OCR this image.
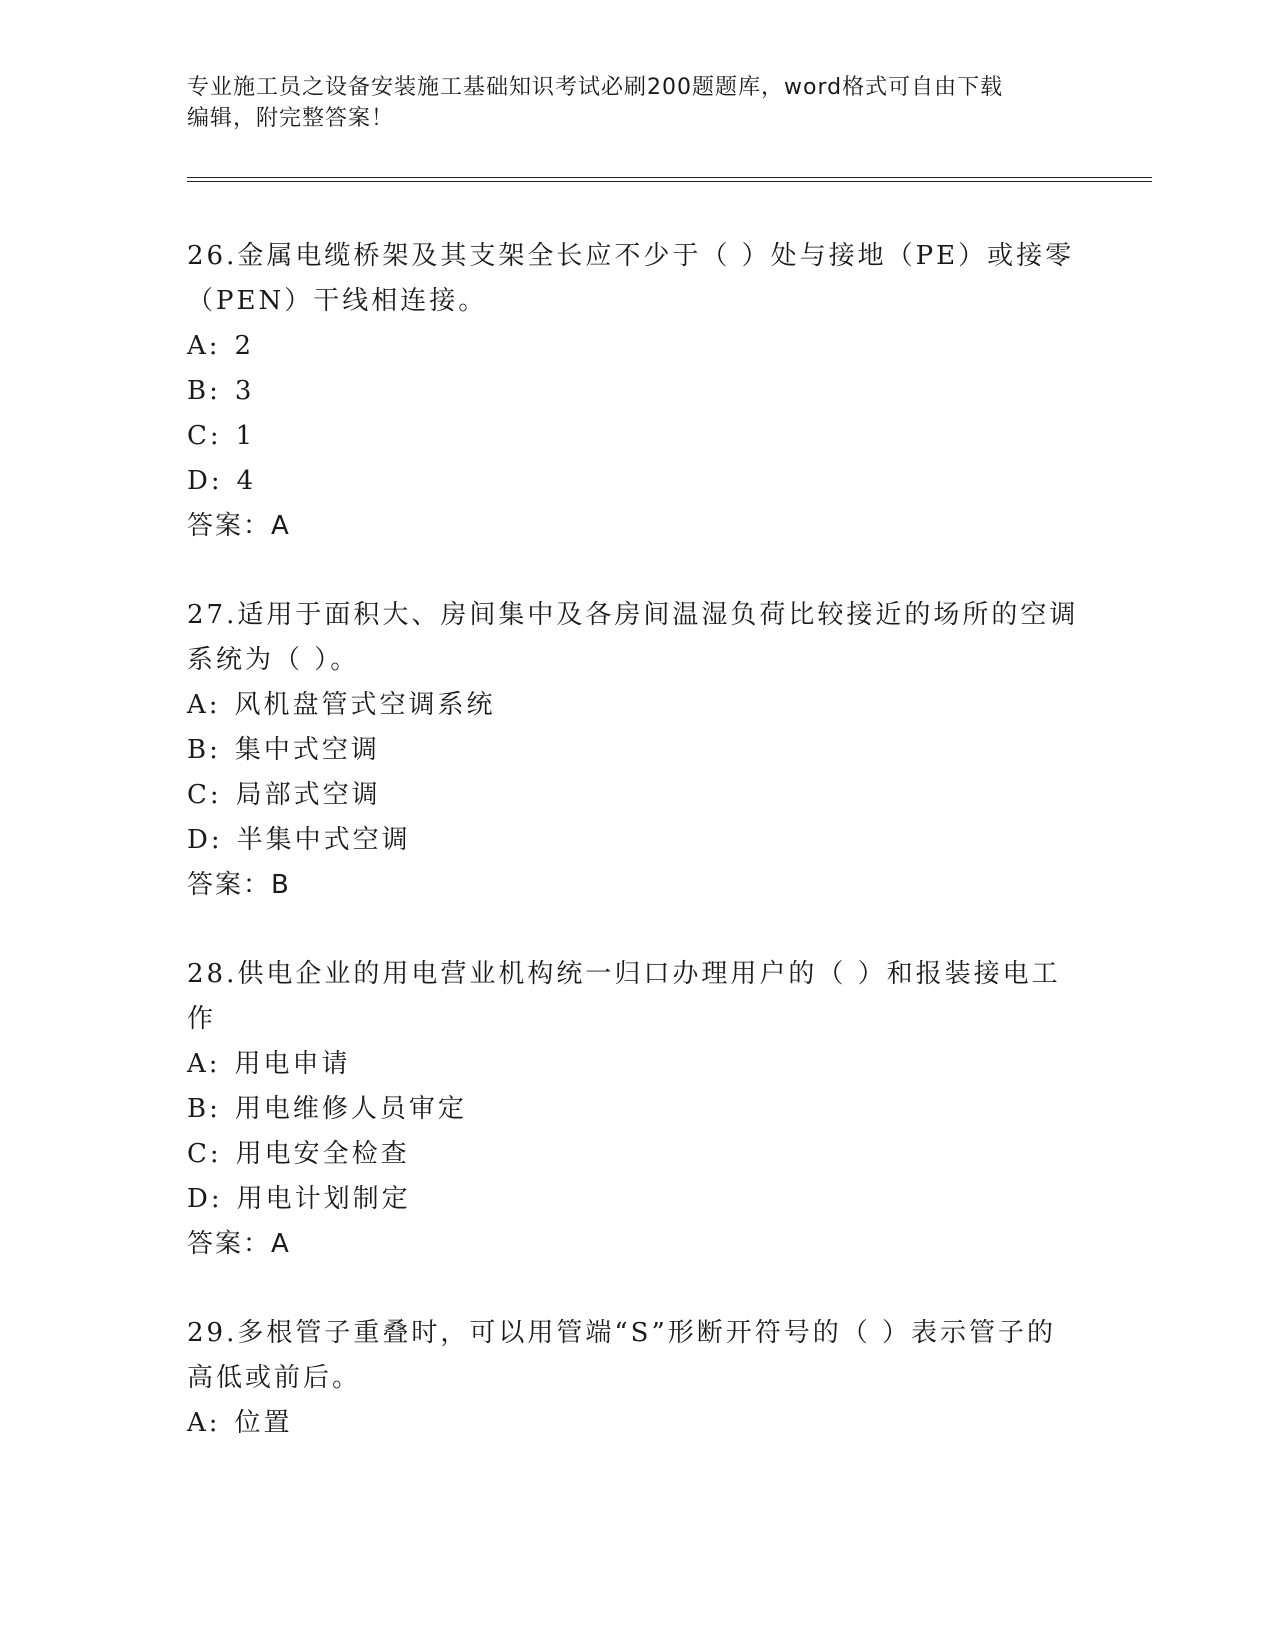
专业施工员之设备安装施工基础知识考试必刷200题题库，word格式可自由下载
编辑，附完整答案！

26.金属电缆桥架及其支架全长应不少于（ ）处与接地（PE）或接零

（PEN）干线相连接。

A: 2
B: 3
C: 1
D: 4

答案：A

27.适用于面积大、房间集中及各房间温湿负荷比较接近的场所的空调

系统为（ ）。

A: 风机盘管式空调系统
B: 集中式空调
C: 局部式空调
D: 半集中式空调

答案：B

28.供电企业的用电营业机构统一归口办理用户的（ ）和报装接电工

作

A: 用电申请
B: 用电维修人员审定
C: 用电安全检查
D: 用电计划制定

答案：A

29.多根管子重叠时，可以用管端“S”形断开符号的（ ）表示管子的

高低或前后。

A: 位置
